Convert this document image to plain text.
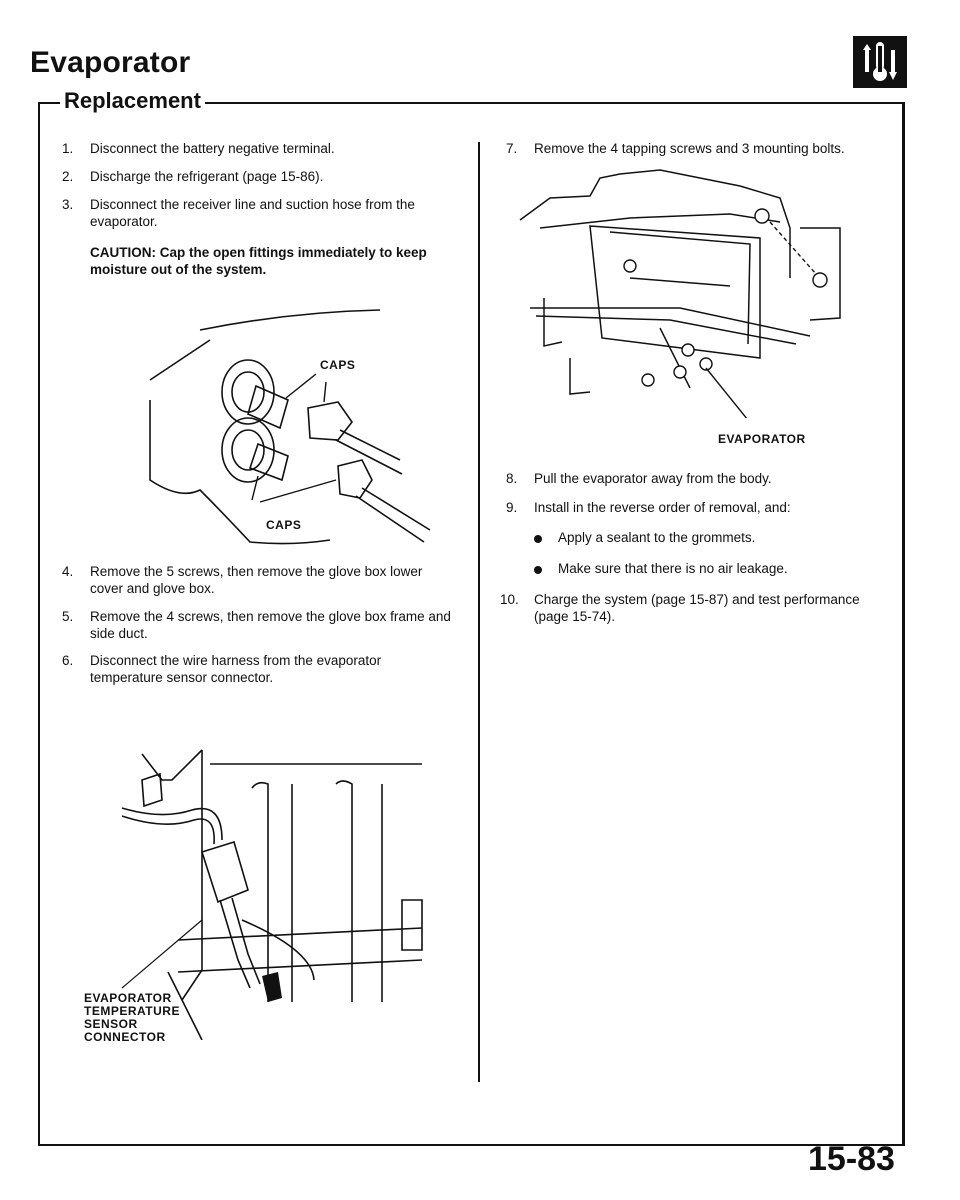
Evaporator
Replacement
1. Disconnect the battery negative terminal.
2. Discharge the refrigerant (page 15-86).
3. Disconnect the receiver line and suction hose from the evaporator.
CAUTION: Cap the open fittings immediately to keep moisture out of the system.
CAPS
CAPS
4. Remove the 5 screws, then remove the glove box lower cover and glove box.
5. Remove the 4 screws, then remove the glove box frame and side duct.
6. Disconnect the wire harness from the evaporator temperature sensor connector.
EVAPORATOR
TEMPERATURE
SENSOR
CONNECTOR
7. Remove the 4 tapping screws and 3 mounting bolts.
EVAPORATOR
8. Pull the evaporator away from the body.
9. Install in the reverse order of removal, and:
Apply a sealant to the grommets.
Make sure that there is no air leakage.
10. Charge the system (page 15-87) and test performance (page 15-74).
15-83
